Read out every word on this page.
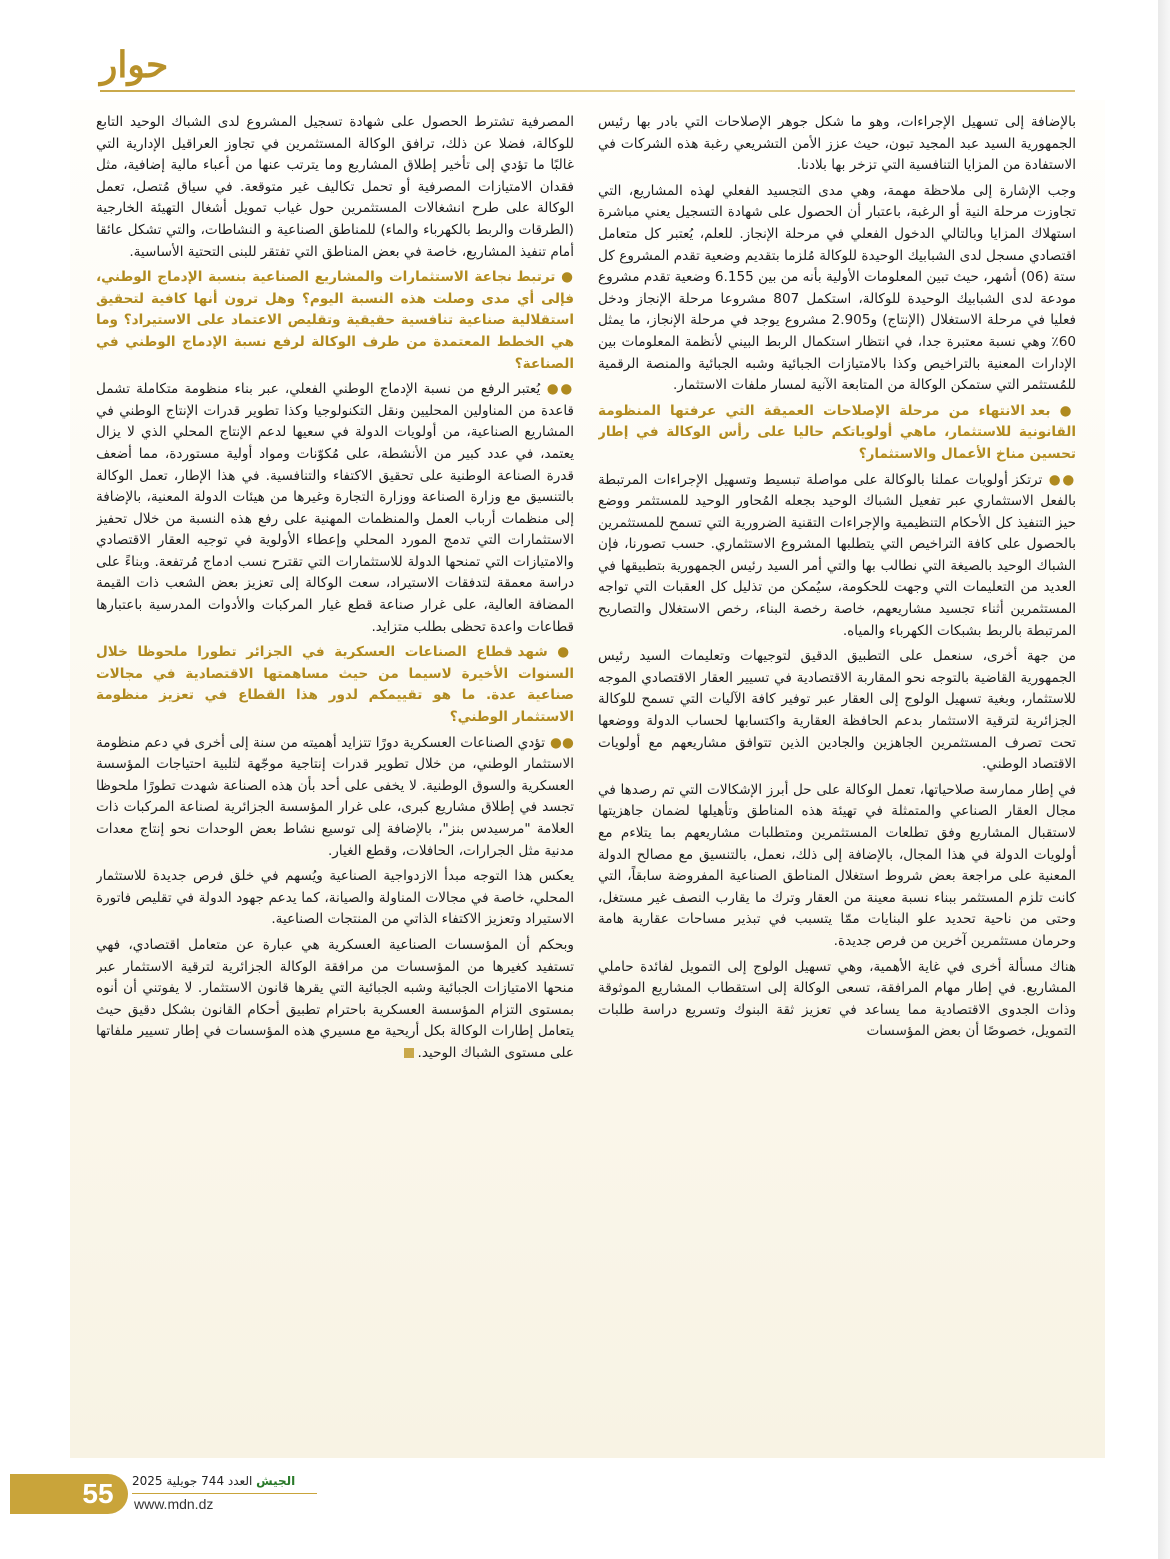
حوار

بالإضافة إلى تسهيل الإجراءات، وهو ما شكل جوهر الإصلاحات التي بادر بها رئيس الجمهورية السيد عبد المجيد تبون، حيث عزز الأمن التشريعي رغبة هذه الشركات في الاستفادة من المزايا التنافسية التي تزخر بها بلادنا.

وجب الإشارة إلى ملاحظة مهمة، وهي مدى التجسيد الفعلي لهذه المشاريع، التي تجاوزت مرحلة النية أو الرغبة، باعتبار أن الحصول على شهادة التسجيل يعني مباشرة استهلاك المزايا وبالتالي الدخول الفعلي في مرحلة الإنجاز. للعلم، يُعتبر كل متعامل اقتصادي مسجل لدى الشبابيك الوحيدة للوكالة مُلزما بتقديم وضعية تقدم المشروع كل ستة (06) أشهر، حيث تبين المعلومات الأولية بأنه من بين 6.155 وضعية تقدم مشروع مودعة لدى الشبابيك الوحيدة للوكالة، استكمل 807 مشروعا مرحلة الإنجاز ودخل فعليا في مرحلة الاستغلال (الإنتاج) و2.905 مشروع يوجد في مرحلة الإنجاز، ما يمثل 60٪ وهي نسبة معتبرة جدا، في انتظار استكمال الربط البيني لأنظمة المعلومات بين الإدارات المعنية بالتراخيص وكذا بالامتيازات الجبائية وشبه الجبائية والمنصة الرقمية للمُستثمر التي ستمكن الوكالة من المتابعة الآنية لمسار ملفات الاستثمار.

● بعد الانتهاء من مرحلة الإصلاحات العميقة التي عرفتها المنظومة القانونية للاستثمار، ماهي أولوياتكم حاليا على رأس الوكالة في إطار تحسين مناخ الأعمال والاستثمار؟

●● ترتكز أولويات عملنا بالوكالة على مواصلة تبسيط وتسهيل الإجراءات المرتبطة بالفعل الاستثماري عبر تفعيل الشباك الوحيد بجعله المُحاور الوحيد للمستثمر ووضع حيز التنفيذ كل الأحكام التنظيمية والإجراءات التقنية الضرورية التي تسمح للمستثمرين بالحصول على كافة التراخيص التي يتطلبها المشروع الاستثماري. حسب تصورنا، فإن الشباك الوحيد بالصيغة التي نطالب بها والتي أمر السيد رئيس الجمهورية بتطبيقها في العديد من التعليمات التي وجهت للحكومة، سيُمكن من تذليل كل العقبات التي تواجه المستثمرين أثناء تجسيد مشاريعهم، خاصة رخصة البناء، رخص الاستغلال والتصاريح المرتبطة بالربط بشبكات الكهرباء والمياه.

من جهة أخرى، سنعمل على التطبيق الدقيق لتوجيهات وتعليمات السيد رئيس الجمهورية القاضية بالتوجه نحو المقاربة الاقتصادية في تسيير العقار الاقتصادي الموجه للاستثمار، وبغية تسهيل الولوج إلى العقار عبر توفير كافة الآليات التي تسمح للوكالة الجزائرية لترقية الاستثمار بدعم الحافظة العقارية واكتسابها لحساب الدولة ووضعها تحت تصرف المستثمرين الجاهزين والجادين الذين تتوافق مشاريعهم مع أولويات الاقتصاد الوطني.

في إطار ممارسة صلاحياتها، تعمل الوكالة على حل أبرز الإشكالات التي تم رصدها في مجال العقار الصناعي والمتمثلة في تهيئة هذه المناطق وتأهيلها لضمان جاهزيتها لاستقبال المشاريع وفق تطلعات المستثمرين ومتطلبات مشاريعهم بما يتلاءم مع أولويات الدولة في هذا المجال، بالإضافة إلى ذلك، نعمل، بالتنسيق مع مصالح الدولة المعنية على مراجعة بعض شروط استغلال المناطق الصناعية المفروضة سابقاً، التي كانت تلزم المستثمر ببناء نسبة معينة من العقار وترك ما يقارب النصف غير مستغل، وحتى من ناحية تحديد علو البنايات ممّا يتسبب في تبذير مساحات عقارية هامة وحرمان مستثمرين آخرين من فرص جديدة.

هناك مسألة أخرى في غاية الأهمية، وهي تسهيل الولوج إلى التمويل لفائدة حاملي المشاريع. في إطار مهام المرافقة، تسعى الوكالة إلى استقطاب المشاريع الموثوقة وذات الجدوى الاقتصادية مما يساعد في تعزيز ثقة البنوك وتسريع دراسة طلبات التمويل، خصوصًا أن بعض المؤسسات

المصرفية تشترط الحصول على شهادة تسجيل المشروع لدى الشباك الوحيد التابع للوكالة، فضلا عن ذلك، ترافق الوكالة المستثمرين في تجاوز العراقيل الإدارية التي غالبًا ما تؤدي إلى تأخير إطلاق المشاريع وما يترتب عنها من أعباء مالية إضافية، مثل فقدان الامتيازات المصرفية أو تحمل تكاليف غير متوقعة. في سياق مُتصل، تعمل الوكالة على طرح انشغالات المستثمرين حول غياب تمويل أشغال التهيئة الخارجية (الطرقات والربط بالكهرباء والماء) للمناطق الصناعية و النشاطات، والتي تشكل عائقا أمام تنفيذ المشاريع، خاصة في بعض المناطق التي تفتقر للبنى التحتية الأساسية.

● ترتبط نجاعة الاستثمارات والمشاريع الصناعية بنسبة الإدماج الوطني، فإلى أي مدى وصلت هذه النسبة اليوم؟ وهل ترون أنها كافية لتحقيق استقلالية صناعية تنافسية حقيقية وتقليص الاعتماد على الاستيراد؟ وما هي الخطط المعتمدة من طرف الوكالة لرفع نسبة الإدماج الوطني في الصناعة؟

●● يُعتبر الرفع من نسبة الإدماج الوطني الفعلي، عبر بناء منظومة متكاملة تشمل قاعدة من المناولين المحليين ونقل التكنولوجيا وكذا تطوير قدرات الإنتاج الوطني في المشاريع الصناعية، من أولويات الدولة في سعيها لدعم الإنتاج المحلي الذي لا يزال يعتمد، في عدد كبير من الأنشطة، على مُكوّنات ومواد أولية مستوردة، مما أضعف قدرة الصناعة الوطنية على تحقيق الاكتفاء والتنافسية. في هذا الإطار، تعمل الوكالة بالتنسيق مع وزارة الصناعة ووزارة التجارة وغيرها من هيئات الدولة المعنية، بالإضافة إلى منظمات أرباب العمل والمنظمات المهنية على رفع هذه النسبة من خلال تحفيز الاستثمارات التي تدمج المورد المحلي وإعطاء الأولوية في توجيه العقار الاقتصادي والامتيازات التي تمنحها الدولة للاستثمارات التي تقترح نسب ادماج مُرتفعة. وبناءً على دراسة معمقة لتدفقات الاستيراد، سعت الوكالة إلى تعزيز بعض الشعب ذات القيمة المضافة العالية، على غرار صناعة قطع غيار المركبات والأدوات المدرسية باعتبارها قطاعات واعدة تحظى بطلب متزايد.

● شهد قطاع الصناعات العسكرية في الجزائر تطورا ملحوظا خلال السنوات الأخيرة لاسيما من حيث مساهمتها الاقتصادية في مجالات صناعية عدة. ما هو تقييمكم لدور هذا القطاع في تعزيز منظومة الاستثمار الوطني؟

●● تؤدي الصناعات العسكرية دورًا تتزايد أهميته من سنة إلى أخرى في دعم منظومة الاستثمار الوطني، من خلال تطوير قدرات إنتاجية موجّهة لتلبية احتياجات المؤسسة العسكرية والسوق الوطنية. لا يخفى على أحد بأن هذه الصناعة شهدت تطورًا ملحوظا تجسد في إطلاق مشاريع كبرى، على غرار المؤسسة الجزائرية لصناعة المركبات ذات العلامة "مرسيدس بنز"، بالإضافة إلى توسيع نشاط بعض الوحدات نحو إنتاج معدات مدنية مثل الجرارات، الحافلات، وقطع الغيار.

يعكس هذا التوجه مبدأ الازدواجية الصناعية ويُسهم في خلق فرص جديدة للاستثمار المحلي، خاصة في مجالات المناولة والصيانة، كما يدعم جهود الدولة في تقليص فاتورة الاستيراد وتعزيز الاكتفاء الذاتي من المنتجات الصناعية.

وبحكم أن المؤسسات الصناعية العسكرية هي عبارة عن متعامل اقتصادي، فهي تستفيد كغيرها من المؤسسات من مرافقة الوكالة الجزائرية لترقية الاستثمار عبر منحها الامتيازات الجبائية وشبه الجبائية التي يقرها قانون الاستثمار. لا يفوتني أن أنوه بمستوى التزام المؤسسة العسكرية باحترام تطبيق أحكام القانون بشكل دقيق حيث يتعامل إطارات الوكالة بكل أريحية مع مسيري هذه المؤسسات في إطار تسيير ملفاتها على مستوى الشباك الوحيد.

55	الجيش العدد 744 جويلية 2025
www.mdn.dz
